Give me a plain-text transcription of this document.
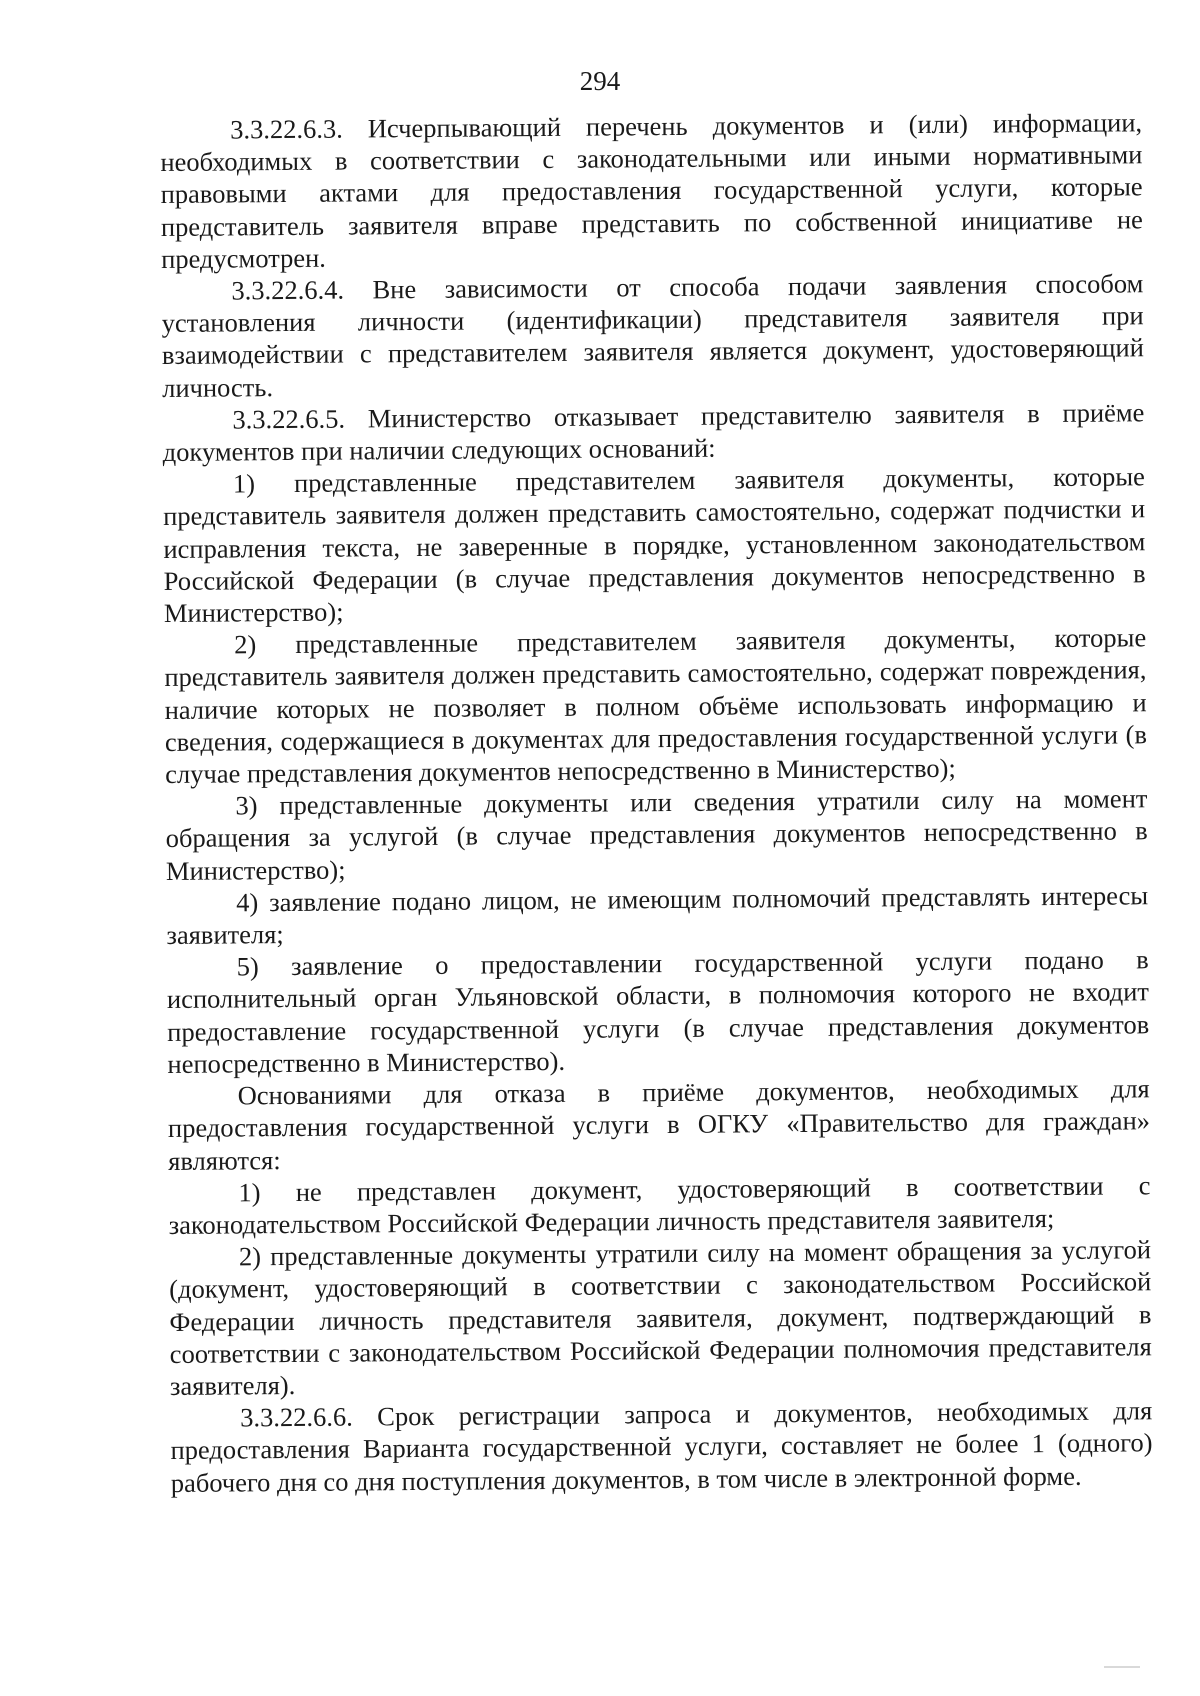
294

3.3.22.6.3. Исчерпывающий перечень документов и (или) информации, необходимых в соответствии с законодательными или иными нормативными правовыми актами для предоставления государственной услуги, которые представитель заявителя вправе представить по собственной инициативе не предусмотрен.

3.3.22.6.4. Вне зависимости от способа подачи заявления способом установления личности (идентификации) представителя заявителя при взаимодействии с представителем заявителя является документ, удостоверяющий личность.

3.3.22.6.5. Министерство отказывает представителю заявителя в приёме документов при наличии следующих оснований:

1) представленные представителем заявителя документы, которые представитель заявителя должен представить самостоятельно, содержат подчистки и исправления текста, не заверенные в порядке, установленном законодательством Российской Федерации (в случае представления документов непосредственно в Министерство);

2) представленные представителем заявителя документы, которые представитель заявителя должен представить самостоятельно, содержат повреждения, наличие которых не позволяет в полном объёме использовать информацию и сведения, содержащиеся в документах для предоставления государственной услуги (в случае представления документов непосредственно в Министерство);

3) представленные документы или сведения утратили силу на момент обращения за услугой (в случае представления документов непосредственно в Министерство);

4) заявление подано лицом, не имеющим полномочий представлять интересы заявителя;

5) заявление о предоставлении государственной услуги подано в исполнительный орган Ульяновской области, в полномочия которого не входит предоставление государственной услуги (в случае представления документов непосредственно в Министерство).

Основаниями для отказа в приёме документов, необходимых для предоставления государственной услуги в ОГКУ «Правительство для граждан» являются:

1) не представлен документ, удостоверяющий в соответствии с законодательством Российской Федерации личность представителя заявителя;

2) представленные документы утратили силу на момент обращения за услугой (документ, удостоверяющий в соответствии с законодательством Российской Федерации личность представителя заявителя, документ, подтверждающий в соответствии с законодательством Российской Федерации полномочия представителя заявителя).

3.3.22.6.6. Срок регистрации запроса и документов, необходимых для предоставления Варианта государственной услуги, составляет не более 1 (одного) рабочего дня со дня поступления документов, в том числе в электронной форме.
